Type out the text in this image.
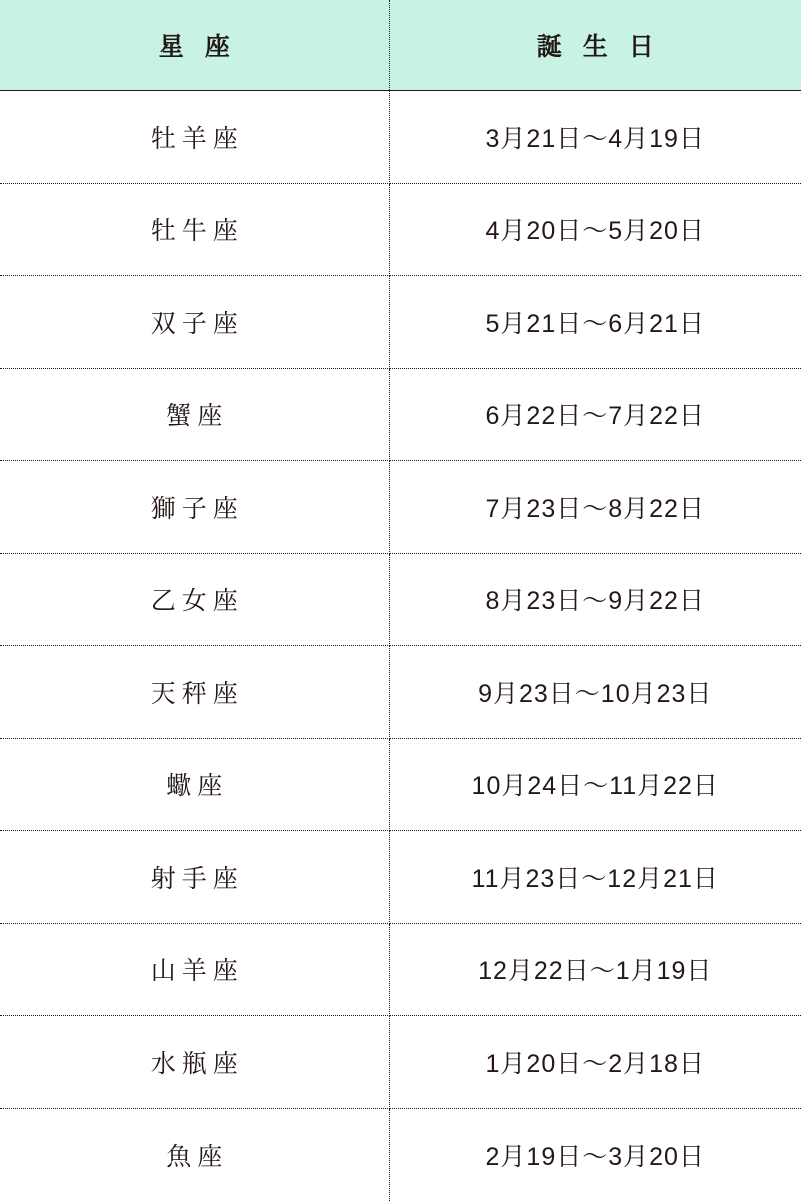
星 座	誕 生 日
牡羊座	3月21日〜4月19日
牡牛座	4月20日〜5月20日
双子座	5月21日〜6月21日
蟹座	6月22日〜7月22日
獅子座	7月23日〜8月22日
乙女座	8月23日〜9月22日
天秤座	9月23日〜10月23日
蠍座	10月24日〜11月22日
射手座	11月23日〜12月21日
山羊座	12月22日〜1月19日
水瓶座	1月20日〜2月18日
魚座	2月19日〜3月20日
